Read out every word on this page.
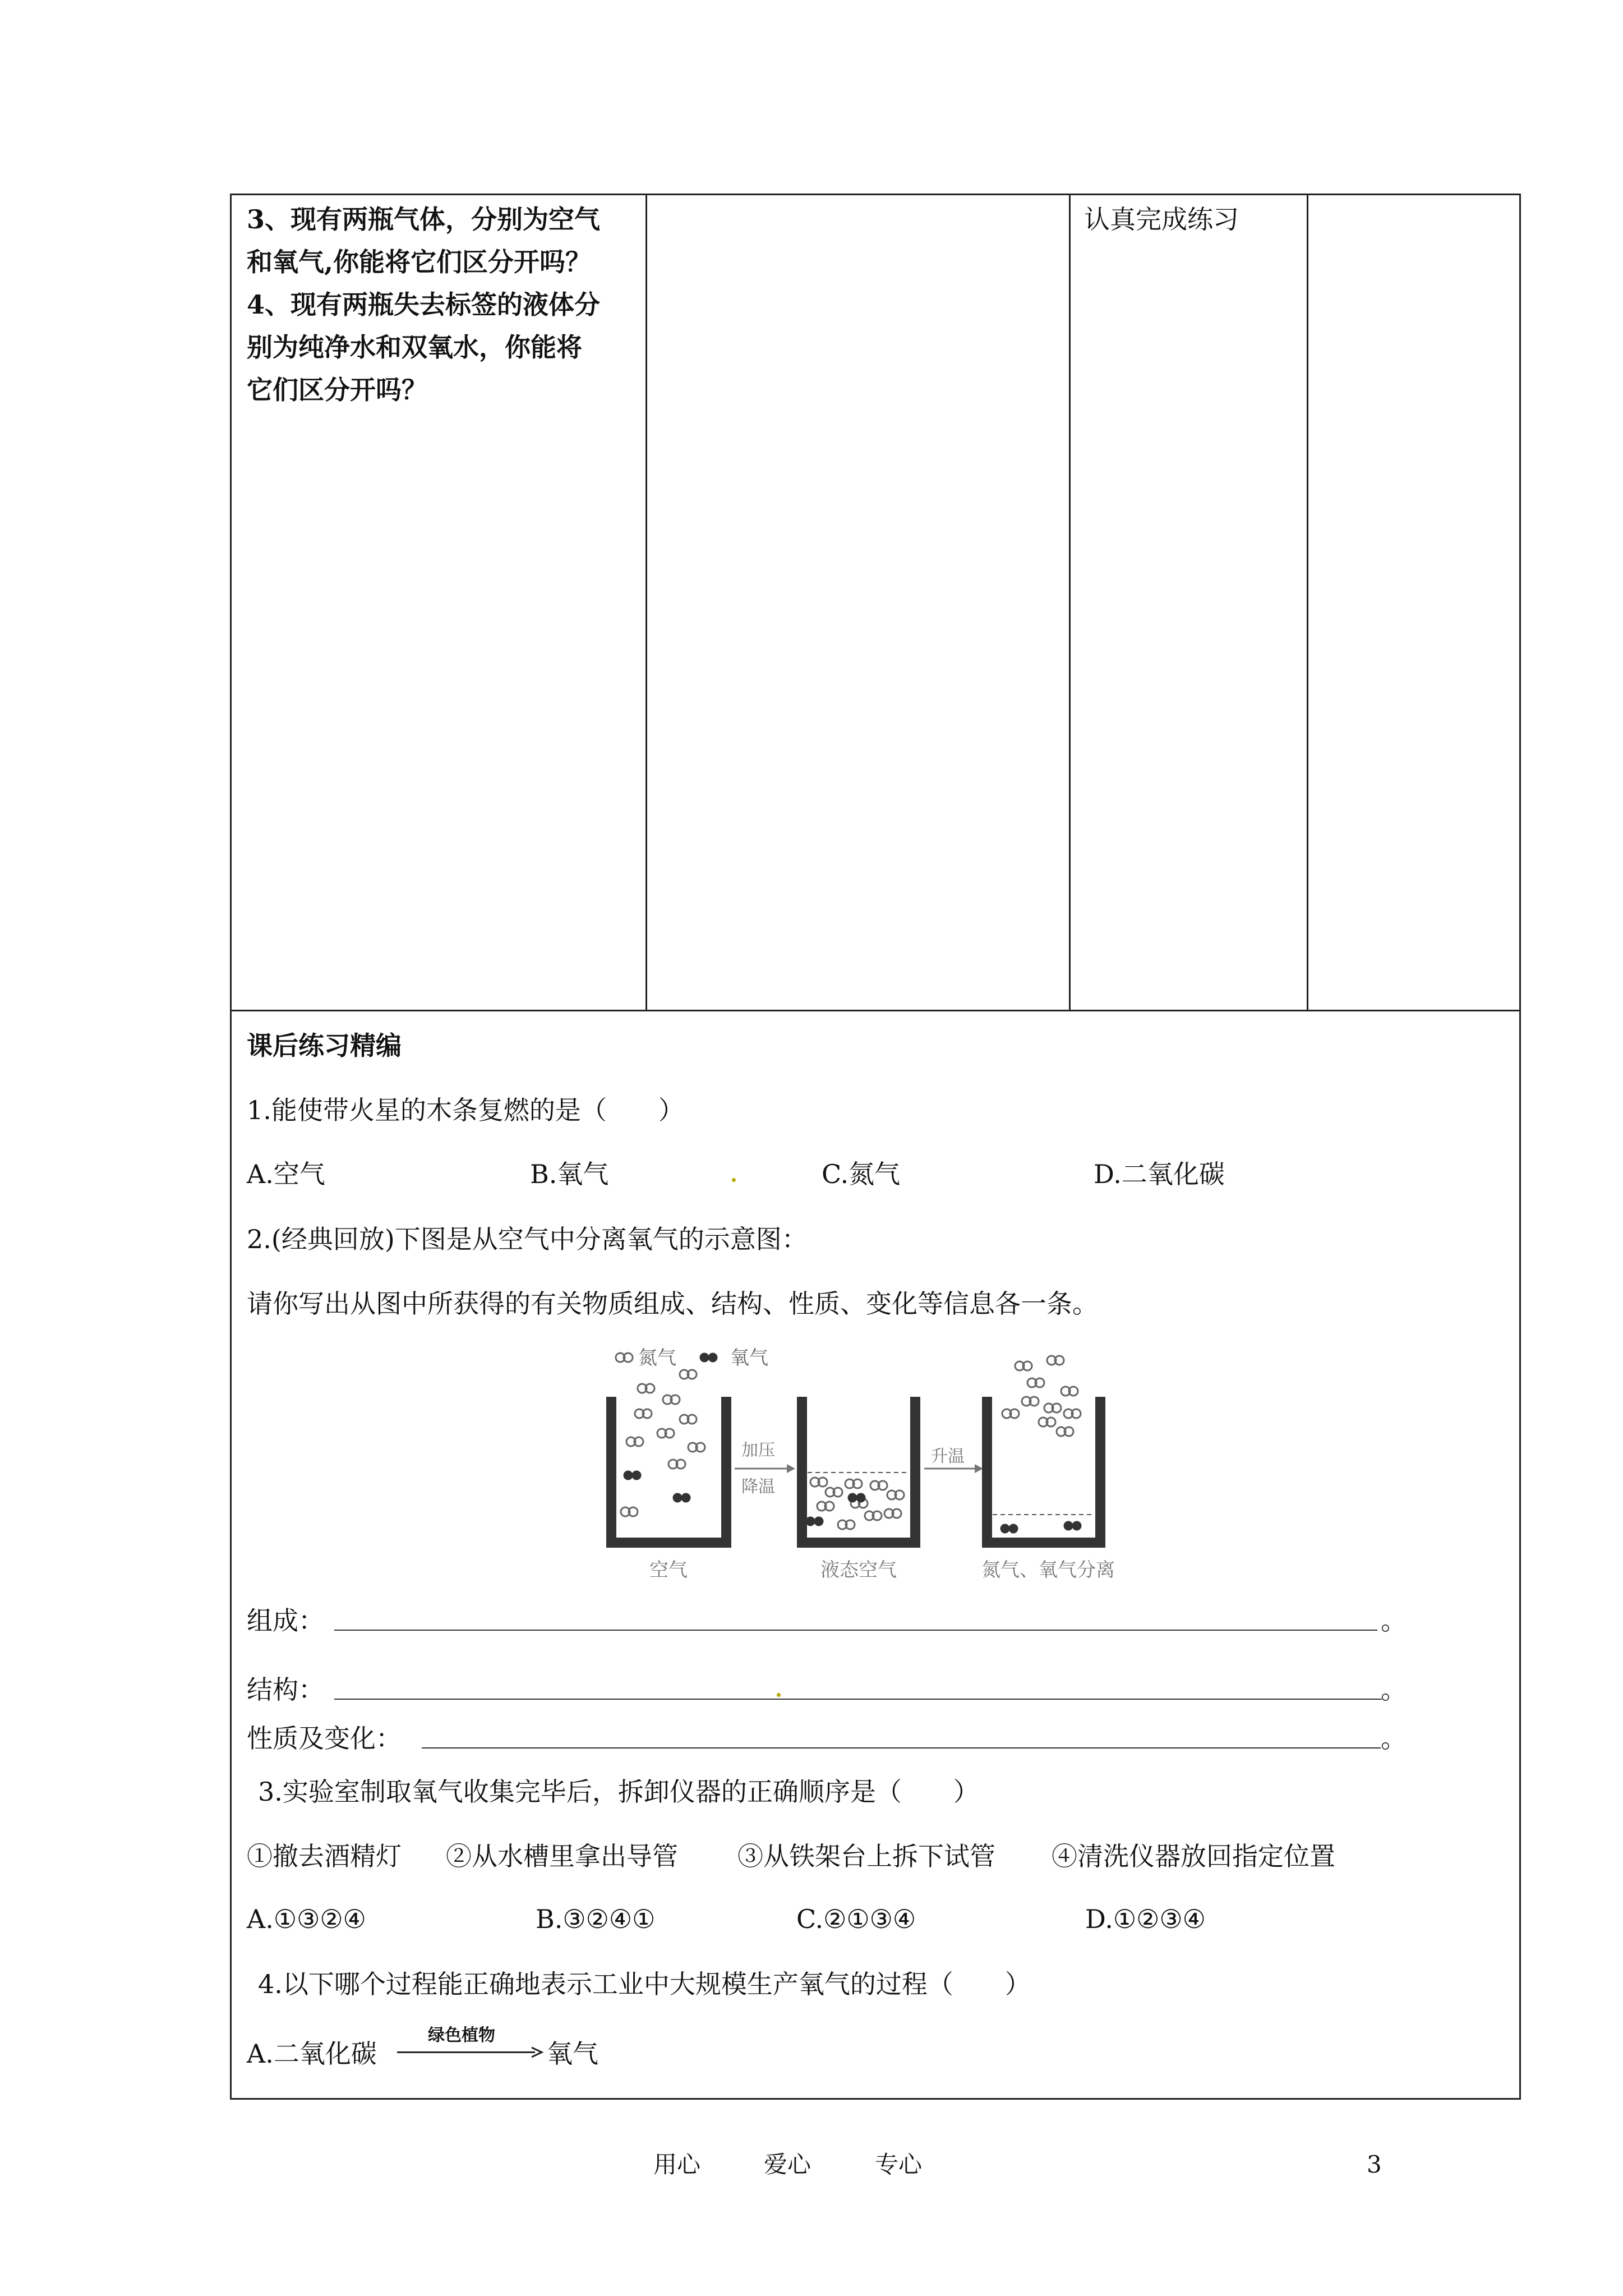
3、现有两瓶气体，分别为空气
和氧气,你能将它们区分开吗？
4、现有两瓶失去标签的液体分
别为纯净水和双氧水，你能将
它们区分开吗？
认真完成练习
课后练习精编
1.能使带火星的木条复燃的是（　　）
A.空气	B.氧气	C.氮气	D.二氧化碳
2.(经典回放)下图是从空气中分离氧气的示意图：
请你写出从图中所获得的有关物质组成、结构、性质、变化等信息各一条。
氮气	氧气
加压
降温
升温
空气	液态空气	氮气、氧气分离
组成：	。
结构：	。
性质及变化：	。
3.实验室制取氧气收集完毕后，拆卸仪器的正确顺序是（　　）
①撤去酒精灯 ②从水槽里拿出导管 ③从铁架台上拆下试管 ④清洗仪器放回指定位置
A.①③②④	B.③②④①	C.②①③④	D.①②③④
4.以下哪个过程能正确地表示工业中大规模生产氧气的过程（　　）
A.二氧化碳
绿色植物
氧气
用心	爱心	专心	3
